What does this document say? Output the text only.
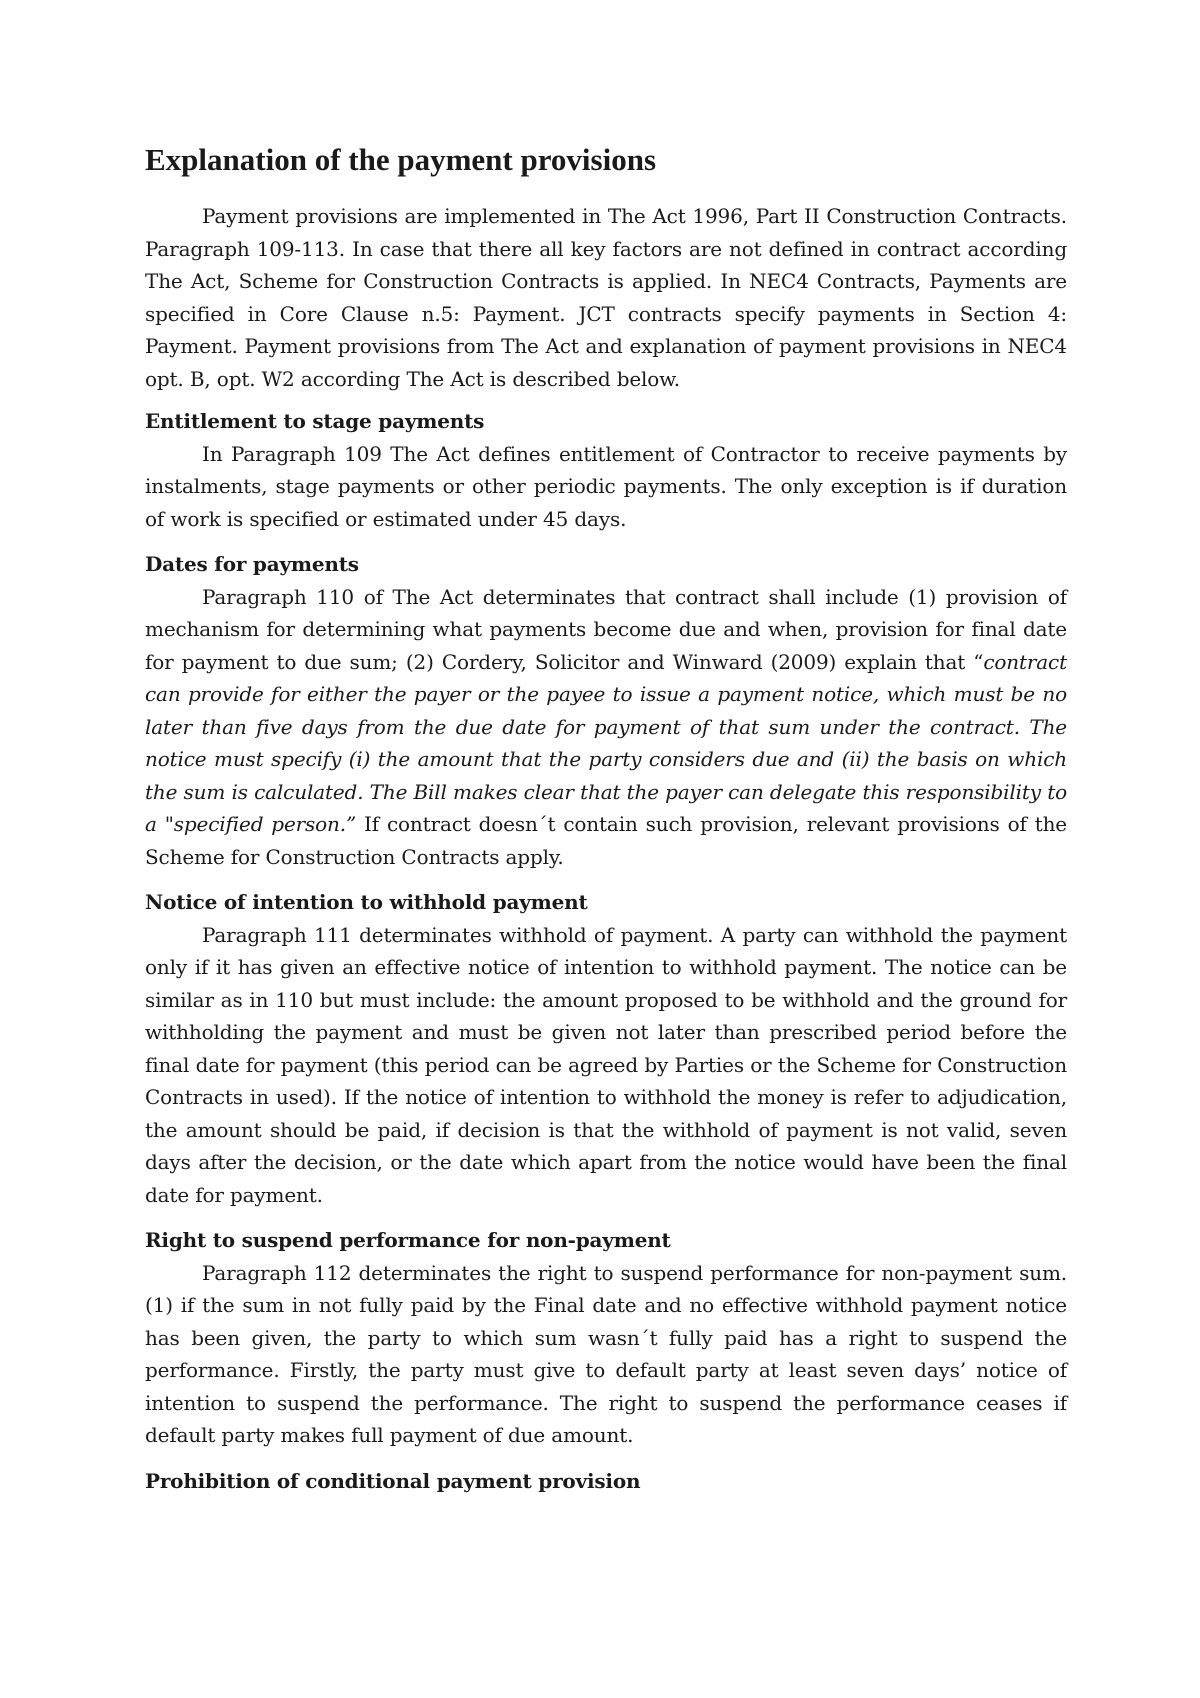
Explanation of the payment provisions

Payment provisions are implemented in The Act 1996, Part II Construction Contracts. Paragraph 109-113. In case that there all key factors are not defined in contract according The Act, Scheme for Construction Contracts is applied. In NEC4 Contracts, Payments are specified in Core Clause n.5: Payment. JCT contracts specify payments in Section 4: Payment. Payment provisions from The Act and explanation of payment provisions in NEC4 opt. B, opt. W2 according The Act is described below.

Entitlement to stage payments

In Paragraph 109 The Act defines entitlement of Contractor to receive payments by instalments, stage payments or other periodic payments. The only exception is if duration of work is specified or estimated under 45 days.

Dates for payments

Paragraph 110 of The Act determinates that contract shall include (1) provision of mechanism for determining what payments become due and when, provision for final date for payment to due sum; (2) Cordery, Solicitor and Winward (2009) explain that “contract can provide for either the payer or the payee to issue a payment notice, which must be no later than five days from the due date for payment of that sum under the contract. The notice must specify (i) the amount that the party considers due and (ii) the basis on which the sum is calculated. The Bill makes clear that the payer can delegate this responsibility to a "specified person.” If contract doesn´t contain such provision, relevant provisions of the Scheme for Construction Contracts apply.

Notice of intention to withhold payment

Paragraph 111 determinates withhold of payment. A party can withhold the payment only if it has given an effective notice of intention to withhold payment. The notice can be similar as in 110 but must include: the amount proposed to be withhold and the ground for withholding the payment and must be given not later than prescribed period before the final date for payment (this period can be agreed by Parties or the Scheme for Construction Contracts in used). If the notice of intention to withhold the money is refer to adjudication, the amount should be paid, if decision is that the withhold of payment is not valid, seven days after the decision, or the date which apart from the notice would have been the final date for payment.

Right to suspend performance for non-payment

Paragraph 112 determinates the right to suspend performance for non-payment sum. (1) if the sum in not fully paid by the Final date and no effective withhold payment notice has been given, the party to which sum wasn´t fully paid has a right to suspend the performance. Firstly, the party must give to default party at least seven days’ notice of intention to suspend the performance. The right to suspend the performance ceases if default party makes full payment of due amount.

Prohibition of conditional payment provision
